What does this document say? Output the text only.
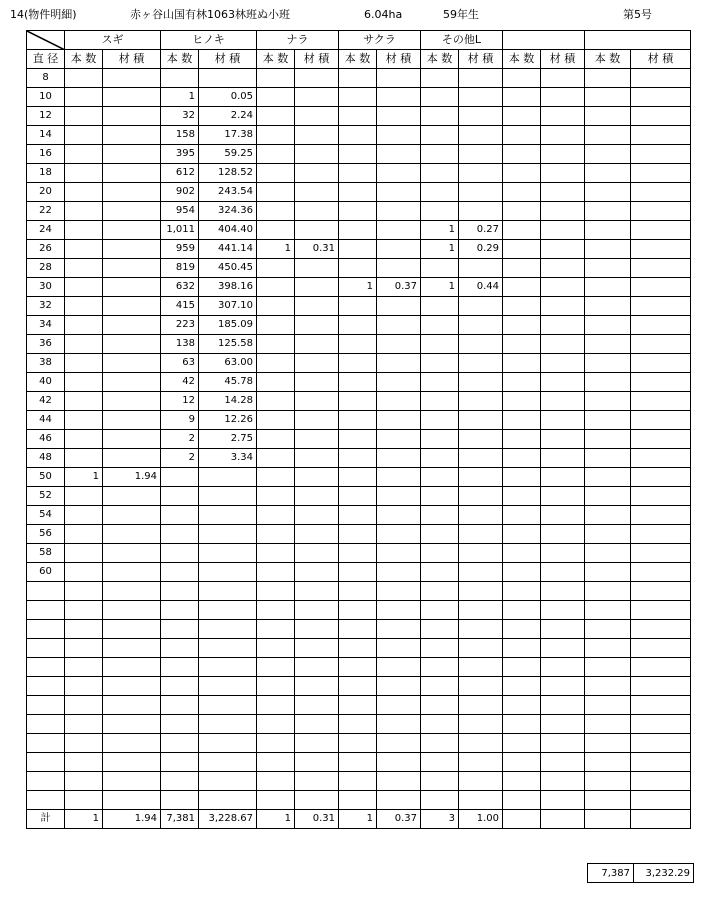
14(物件明細)	赤ヶ谷山国有林1063林班ぬ小班	6.04ha	59年生	第5号
	スギ		ヒノキ		ナラ		サクラ		その他L					
直 径	本 数	材 積	本 数	材 積	本 数	材 積	本 数	材 積	本 数	材 積	本 数	材 積	本 数	材 積
8														
10			1	0.05										
12			32	2.24										
14			158	17.38										
16			395	59.25										
18			612	128.52										
20			902	243.54										
22			954	324.36										
24			1,011	404.40					1	0.27				
26			959	441.14	1	0.31			1	0.29				
28			819	450.45										
30			632	398.16			1	0.37	1	0.44				
32			415	307.10										
34			223	185.09										
36			138	125.58										
38			63	63.00										
40			42	45.78										
42			12	14.28										
44			9	12.26										
46			2	2.75										
48			2	3.34										
50	1	1.94												
52														
54														
56														
58														
60														

計	1	1.94	7,381	3,228.67	1	0.31	1	0.37	3	1.00				
7,387	3,232.29
